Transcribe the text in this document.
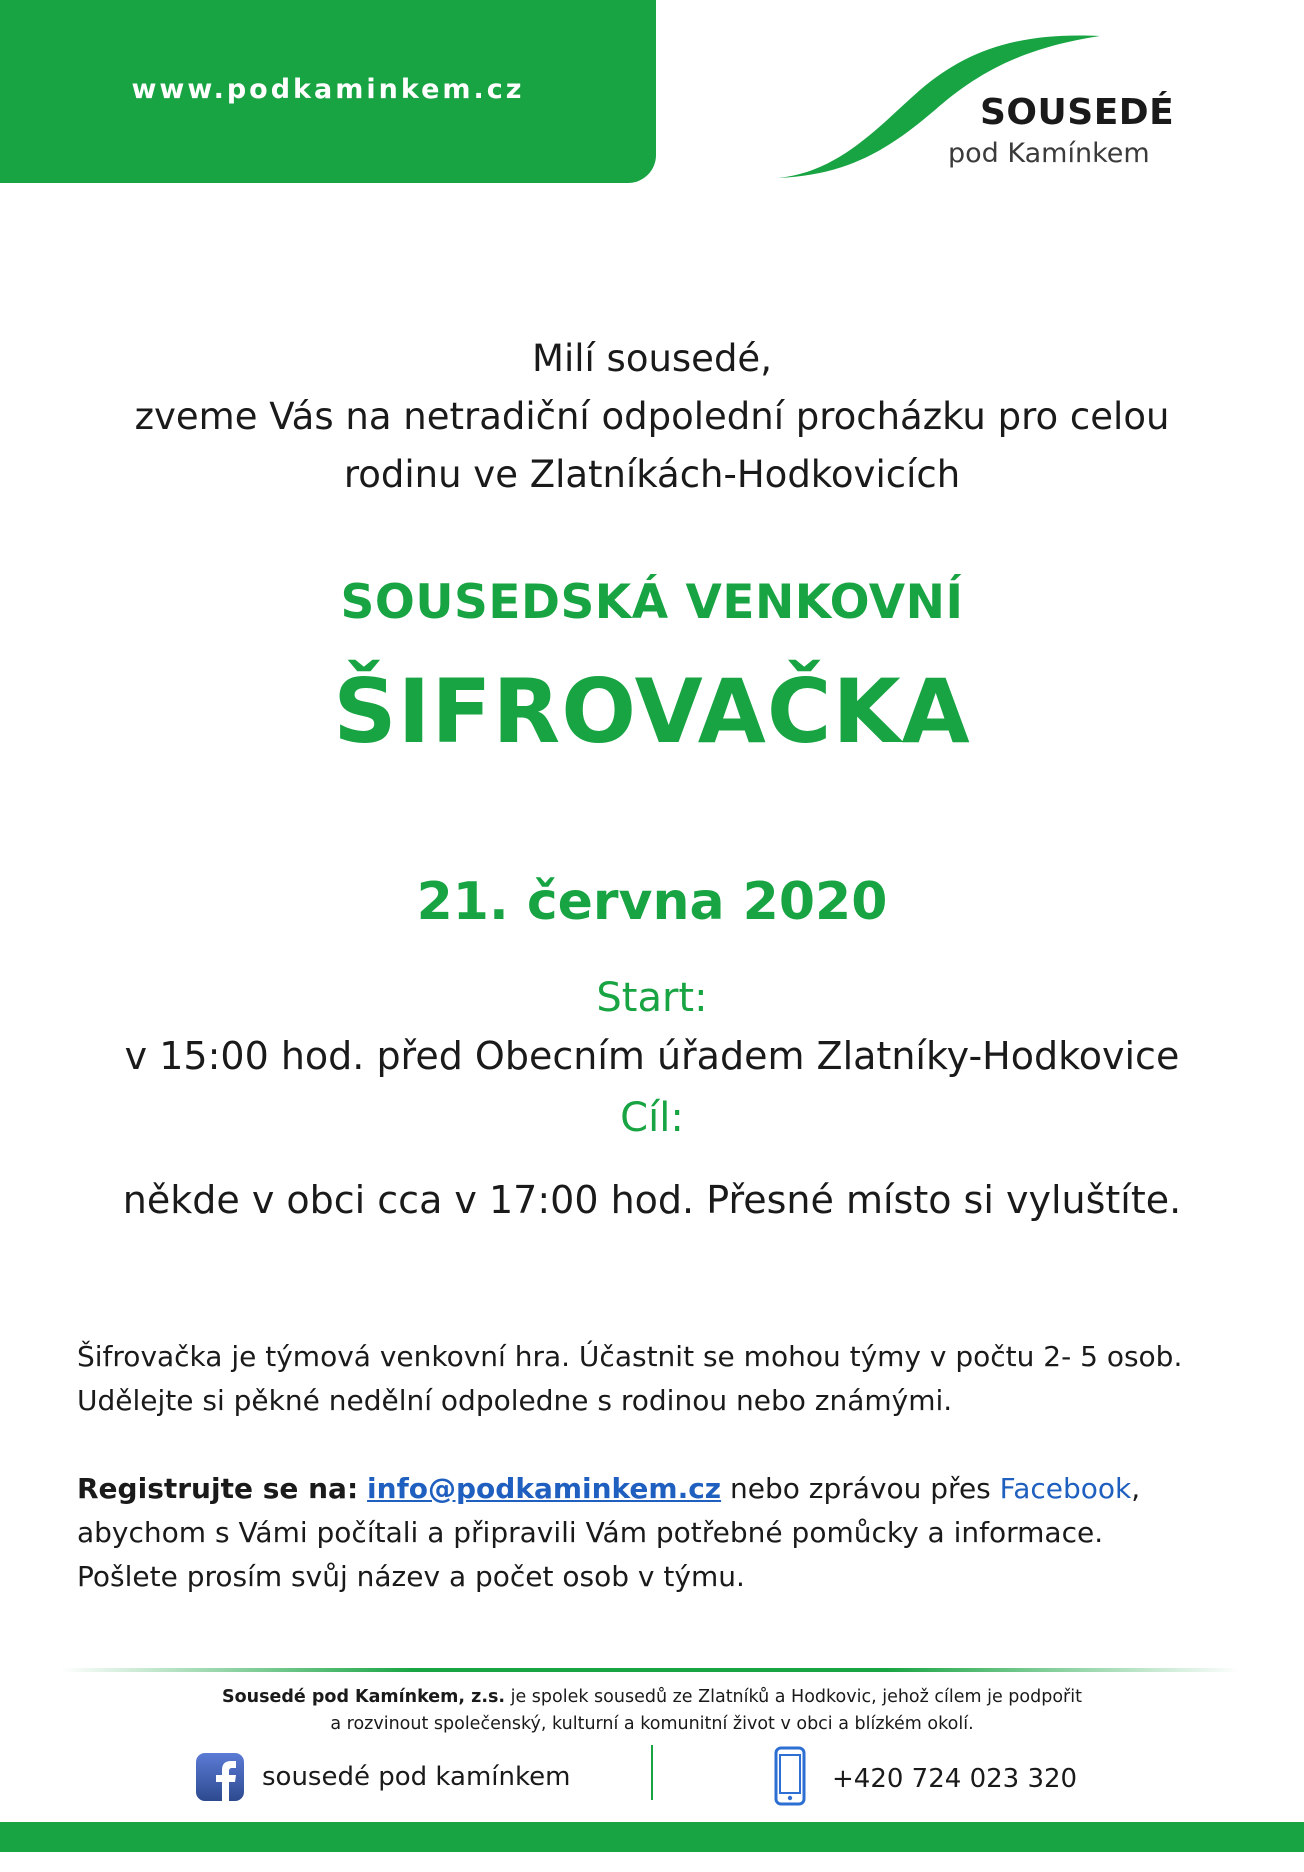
www.podkaminkem.cz
SOUSEDÉ
pod Kamínkem
Milí sousedé,
zveme Vás na netradiční odpolední procházku pro celou
rodinu ve Zlatníkách-Hodkovicích
SOUSEDSKÁ VENKOVNÍ
ŠIFROVAČKA
21. června 2020
Start:
v 15:00 hod. před Obecním úřadem Zlatníky-Hodkovice
Cíl:
někde v obci cca v 17:00 hod. Přesné místo si vyluštíte.
Šifrovačka je týmová venkovní hra. Účastnit se mohou týmy v počtu 2- 5 osob.
Udělejte si pěkné nedělní odpoledne s rodinou nebo známými.
Registrujte se na: info@podkaminkem.cz nebo zprávou přes Facebook,
abychom s Vámi počítali a připravili Vám potřebné pomůcky a informace.
Pošlete prosím svůj název a počet osob v týmu.
Sousedé pod Kamínkem, z.s. je spolek sousedů ze Zlatníků a Hodkovic, jehož cílem je podpořit
a rozvinout společenský, kulturní a komunitní život v obci a blízkém okolí.
sousedé pod kamínkem	+420 724 023 320
